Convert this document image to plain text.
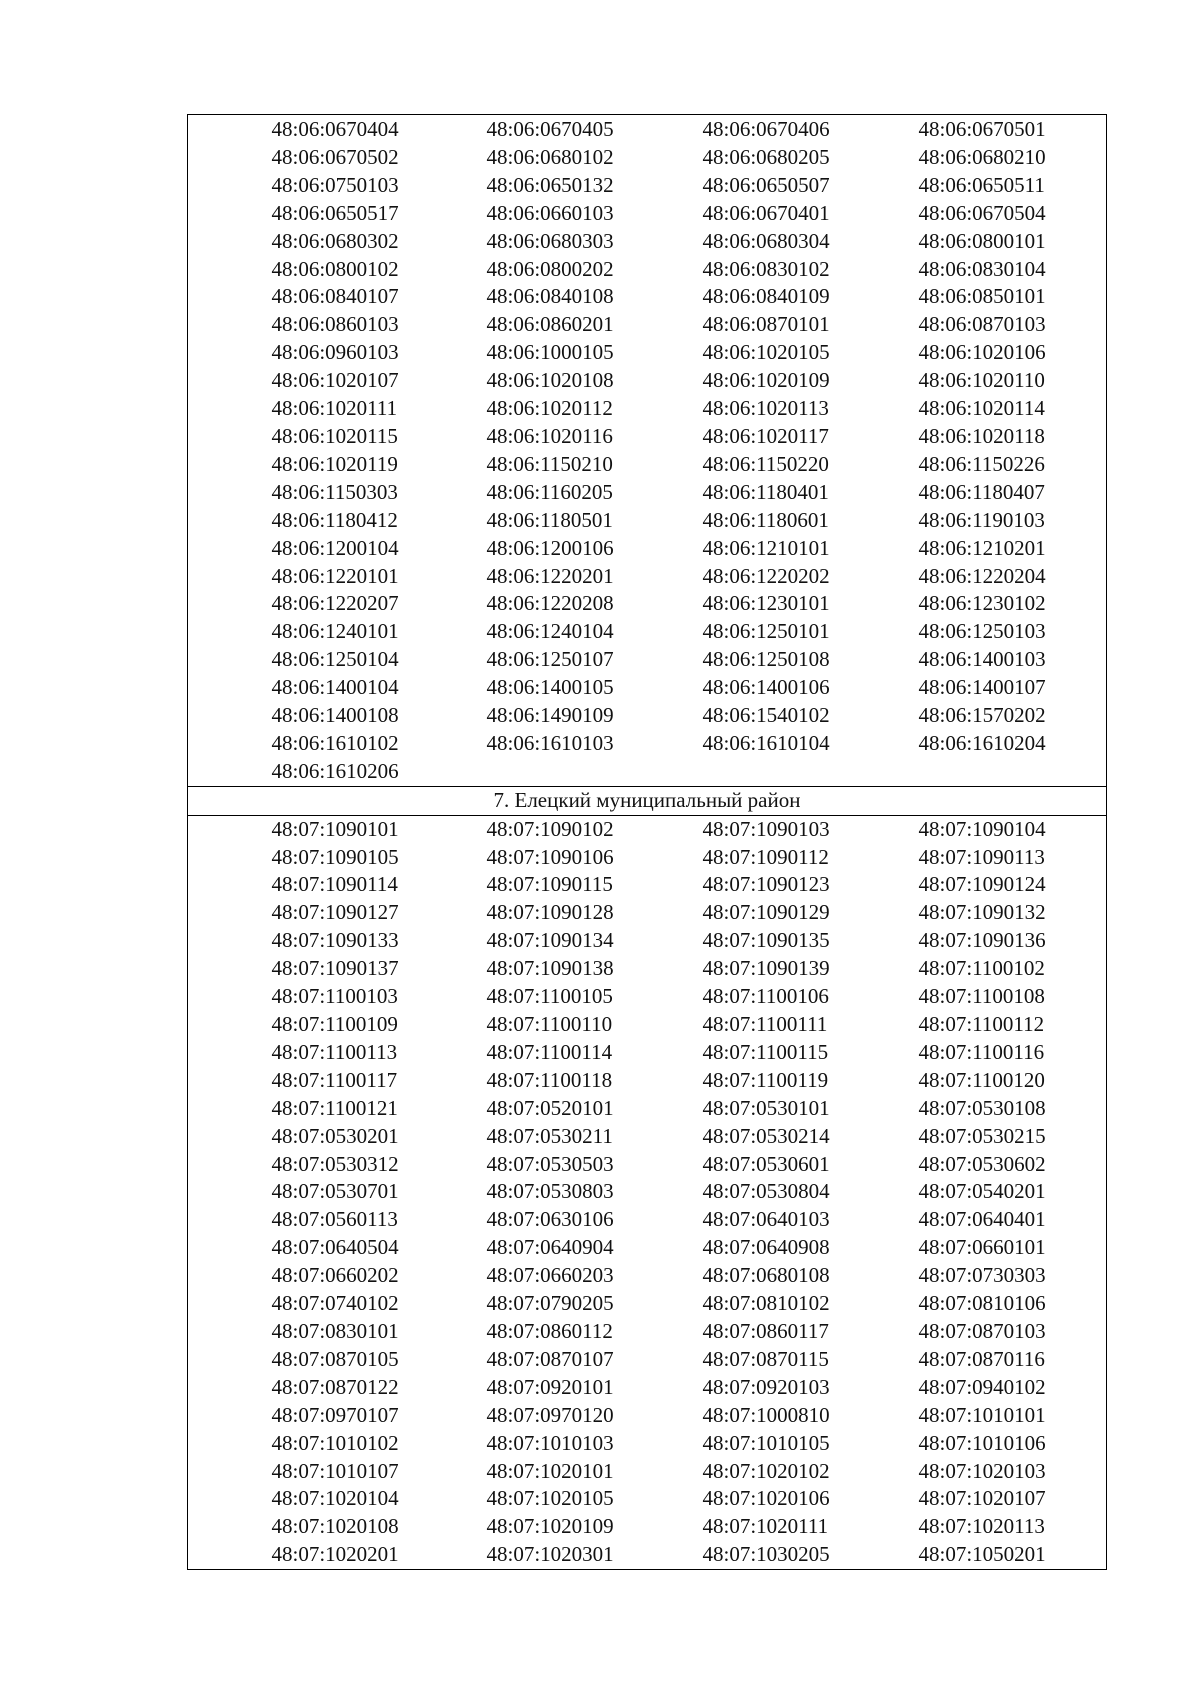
	48:06:0670404	48:06:0670405	48:06:0670406	48:06:0670501
	48:06:0670502	48:06:0680102	48:06:0680205	48:06:0680210
	48:06:0750103	48:06:0650132	48:06:0650507	48:06:0650511
	48:06:0650517	48:06:0660103	48:06:0670401	48:06:0670504
	48:06:0680302	48:06:0680303	48:06:0680304	48:06:0800101
	48:06:0800102	48:06:0800202	48:06:0830102	48:06:0830104
	48:06:0840107	48:06:0840108	48:06:0840109	48:06:0850101
	48:06:0860103	48:06:0860201	48:06:0870101	48:06:0870103
	48:06:0960103	48:06:1000105	48:06:1020105	48:06:1020106
	48:06:1020107	48:06:1020108	48:06:1020109	48:06:1020110
	48:06:1020111	48:06:1020112	48:06:1020113	48:06:1020114
	48:06:1020115	48:06:1020116	48:06:1020117	48:06:1020118
	48:06:1020119	48:06:1150210	48:06:1150220	48:06:1150226
	48:06:1150303	48:06:1160205	48:06:1180401	48:06:1180407
	48:06:1180412	48:06:1180501	48:06:1180601	48:06:1190103
	48:06:1200104	48:06:1200106	48:06:1210101	48:06:1210201
	48:06:1220101	48:06:1220201	48:06:1220202	48:06:1220204
	48:06:1220207	48:06:1220208	48:06:1230101	48:06:1230102
	48:06:1240101	48:06:1240104	48:06:1250101	48:06:1250103
	48:06:1250104	48:06:1250107	48:06:1250108	48:06:1400103
	48:06:1400104	48:06:1400105	48:06:1400106	48:06:1400107
	48:06:1400108	48:06:1490109	48:06:1540102	48:06:1570202
	48:06:1610102	48:06:1610103	48:06:1610104	48:06:1610204
	48:06:1610206			
7. Елецкий муниципальный район				
	48:07:1090101	48:07:1090102	48:07:1090103	48:07:1090104
	48:07:1090105	48:07:1090106	48:07:1090112	48:07:1090113
	48:07:1090114	48:07:1090115	48:07:1090123	48:07:1090124
	48:07:1090127	48:07:1090128	48:07:1090129	48:07:1090132
	48:07:1090133	48:07:1090134	48:07:1090135	48:07:1090136
	48:07:1090137	48:07:1090138	48:07:1090139	48:07:1100102
	48:07:1100103	48:07:1100105	48:07:1100106	48:07:1100108
	48:07:1100109	48:07:1100110	48:07:1100111	48:07:1100112
	48:07:1100113	48:07:1100114	48:07:1100115	48:07:1100116
	48:07:1100117	48:07:1100118	48:07:1100119	48:07:1100120
	48:07:1100121	48:07:0520101	48:07:0530101	48:07:0530108
	48:07:0530201	48:07:0530211	48:07:0530214	48:07:0530215
	48:07:0530312	48:07:0530503	48:07:0530601	48:07:0530602
	48:07:0530701	48:07:0530803	48:07:0530804	48:07:0540201
	48:07:0560113	48:07:0630106	48:07:0640103	48:07:0640401
	48:07:0640504	48:07:0640904	48:07:0640908	48:07:0660101
	48:07:0660202	48:07:0660203	48:07:0680108	48:07:0730303
	48:07:0740102	48:07:0790205	48:07:0810102	48:07:0810106
	48:07:0830101	48:07:0860112	48:07:0860117	48:07:0870103
	48:07:0870105	48:07:0870107	48:07:0870115	48:07:0870116
	48:07:0870122	48:07:0920101	48:07:0920103	48:07:0940102
	48:07:0970107	48:07:0970120	48:07:1000810	48:07:1010101
	48:07:1010102	48:07:1010103	48:07:1010105	48:07:1010106
	48:07:1010107	48:07:1020101	48:07:1020102	48:07:1020103
	48:07:1020104	48:07:1020105	48:07:1020106	48:07:1020107
	48:07:1020108	48:07:1020109	48:07:1020111	48:07:1020113
	48:07:1020201	48:07:1020301	48:07:1030205	48:07:1050201
